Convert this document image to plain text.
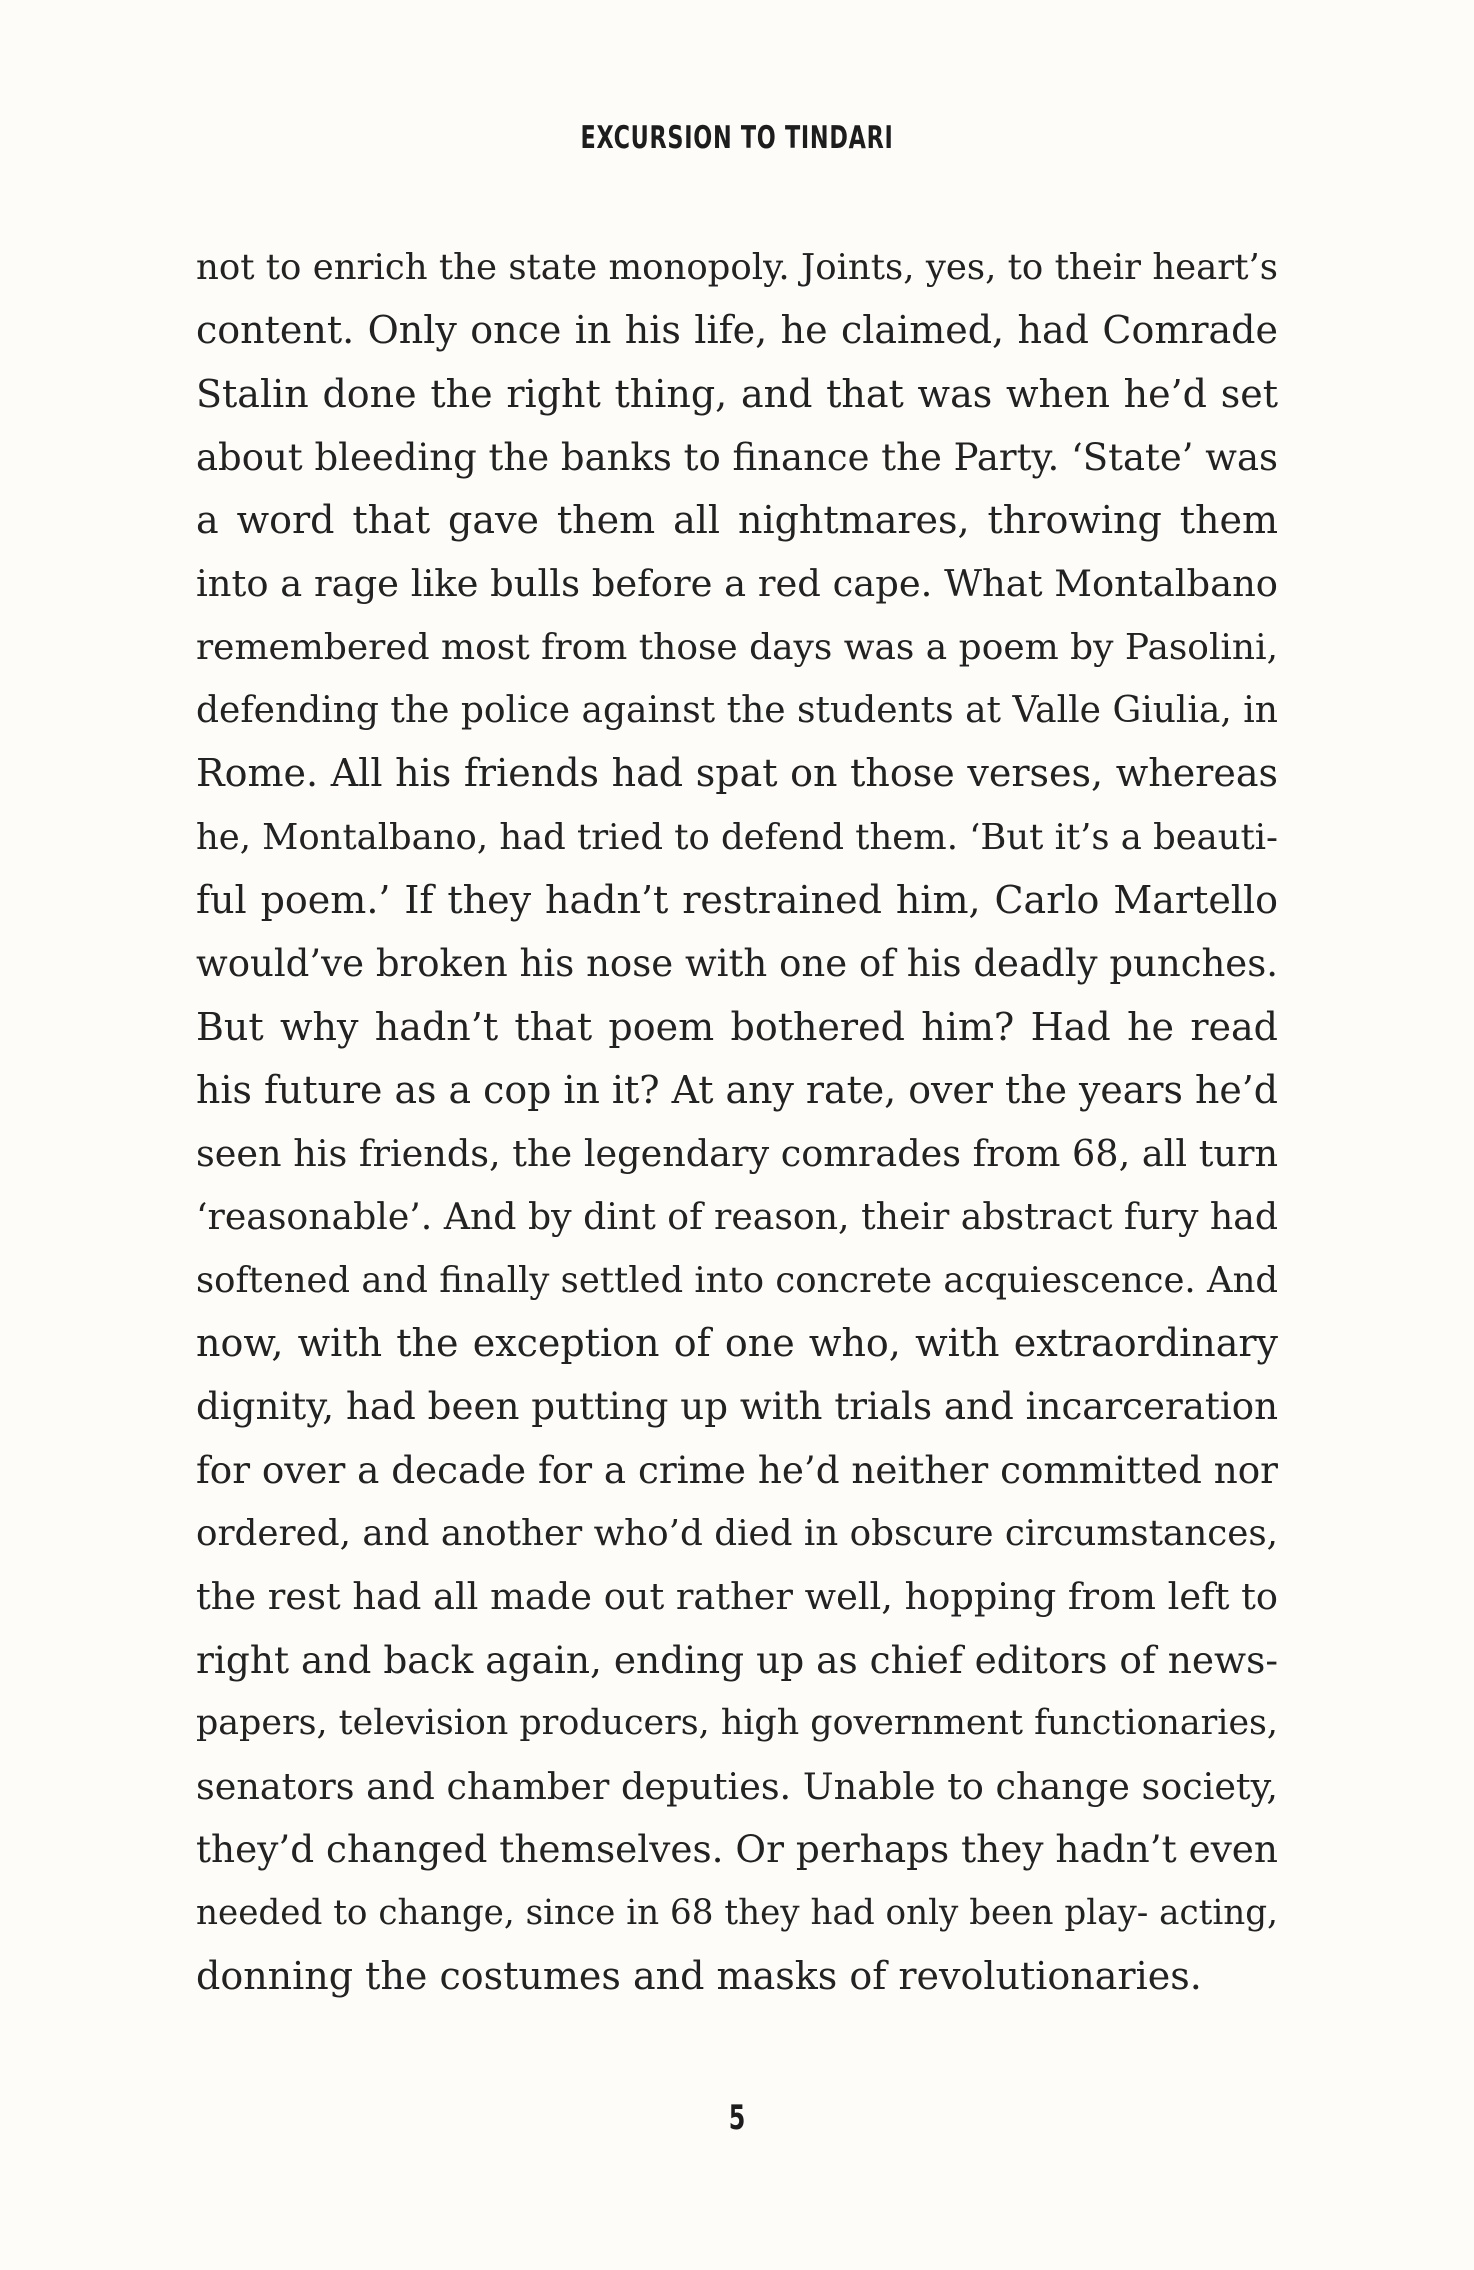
EXCURSION TO TINDARI
not to enrich the state monopoly. Joints, yes, to their heart’s
content. Only once in his life, he claimed, had Comrade
Stalin done the right thing, and that was when he’d set
about bleeding the banks to finance the Party. ‘State’ was
a word that gave them all nightmares, throwing them
into a rage like bulls before a red cape. What Montalbano
remembered most from those days was a poem by Pasolini,
defending the police against the students at Valle Giulia, in
Rome. All his friends had spat on those verses, whereas
he, Montalbano, had tried to defend them. ‘But it’s a beauti-
ful poem.’ If they hadn’t restrained him, Carlo Martello
would’ve broken his nose with one of his deadly punches.
But why hadn’t that poem bothered him? Had he read
his future as a cop in it? At any rate, over the years he’d
seen his friends, the legendary comrades from 68, all turn
‘reasonable’. And by dint of reason, their abstract fury had
softened and finally settled into concrete acquiescence. And
now, with the exception of one who, with extraordinary
dignity, had been putting up with trials and incarceration
for over a decade for a crime he’d neither committed nor
ordered, and another who’d died in obscure circumstances,
the rest had all made out rather well, hopping from left to
right and back again, ending up as chief editors of news-
papers, television producers, high government functionaries,
senators and chamber deputies. Unable to change society,
they’d changed themselves. Or perhaps they hadn’t even
needed to change, since in 68 they had only been play- acting,
donning the costumes and masks of revolutionaries.
5
